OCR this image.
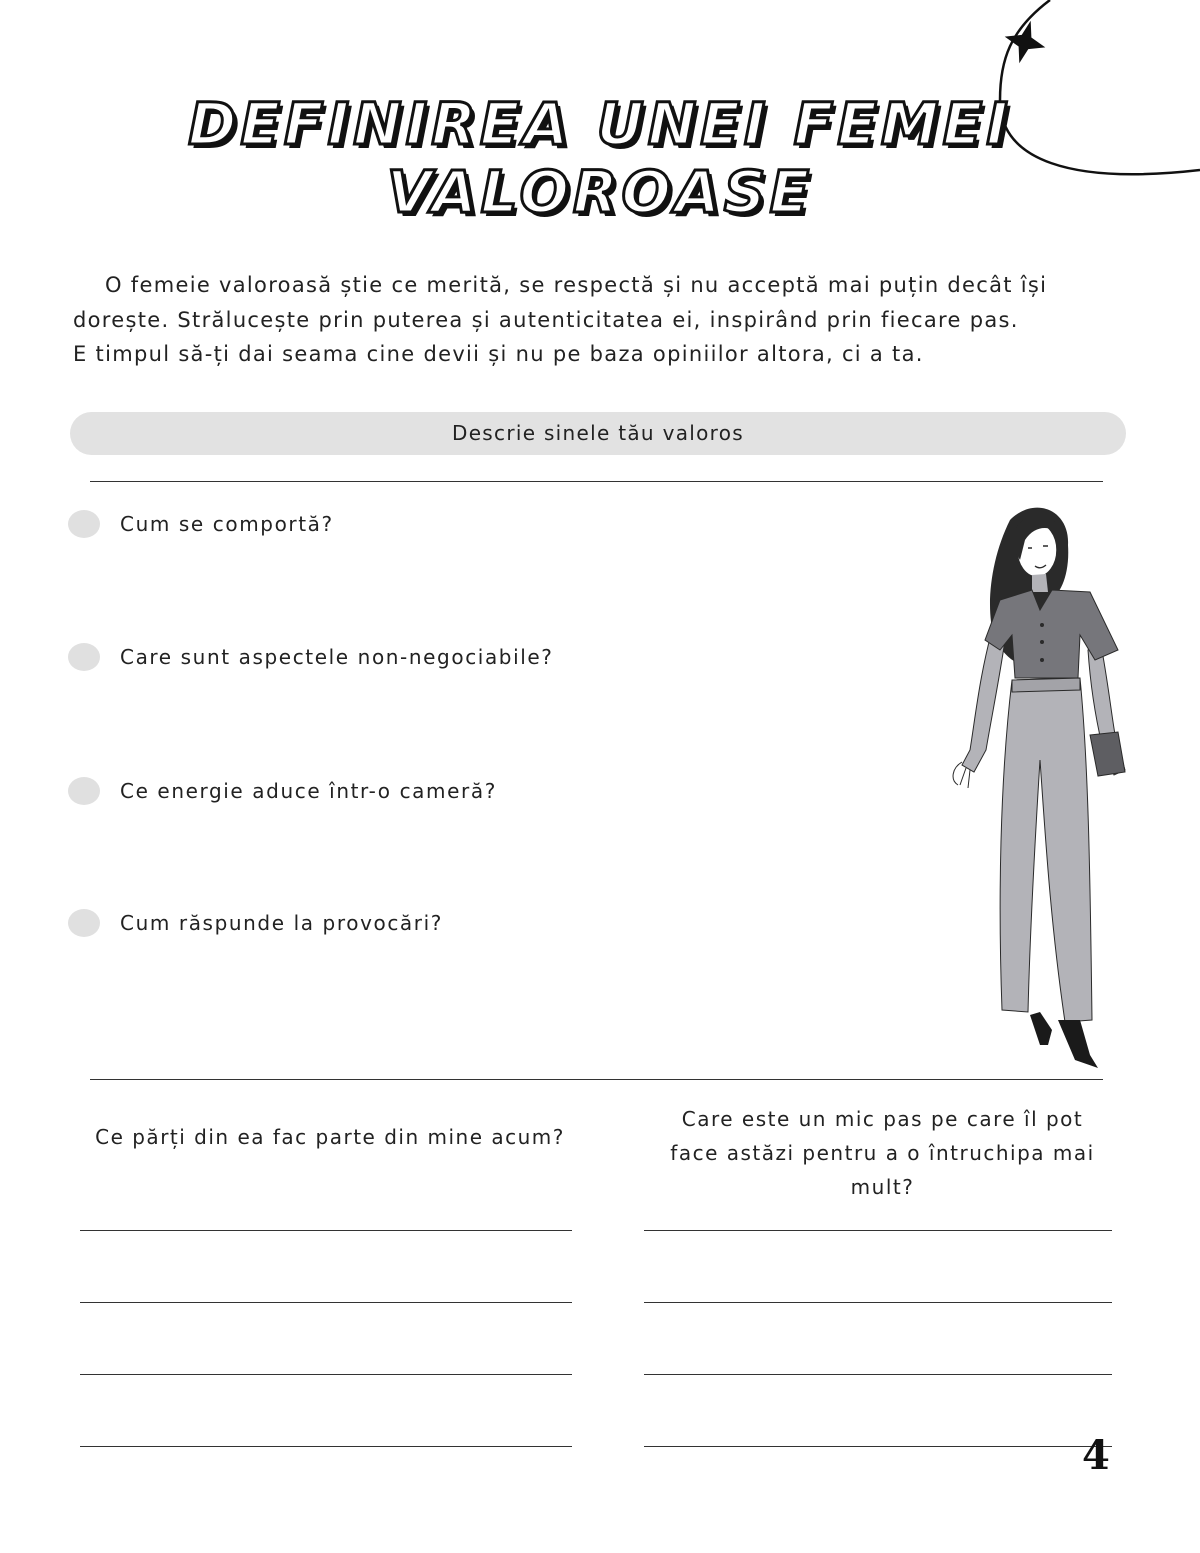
DEFINIREA UNEI FEMEI
VALOROASE

O femeie valoroasă știe ce merită, se respectă și nu acceptă mai puțin decât își

dorește. Strălucește prin puterea și autenticitatea ei, inspirând prin fiecare pas.

E timpul să-ți dai seama cine devii și nu pe baza opiniilor altora, ci a ta.

Descrie sinele tău valoros
Cum se comportă?
Care sunt aspectele non-negociabile?
Ce energie aduce într-o cameră?
Cum răspunde la provocări?
Ce părți din ea fac parte din mine acum?
Care este un mic pas pe care îl pot
face astăzi pentru a o întruchipa mai
mult?
4
